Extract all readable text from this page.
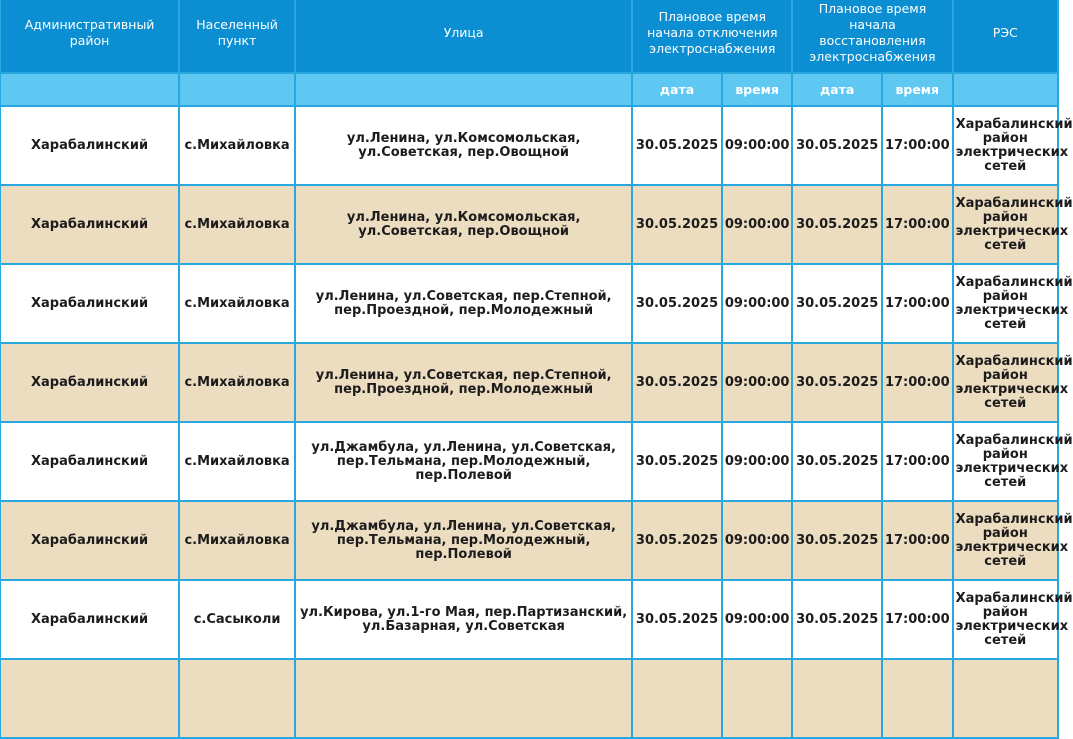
Административный район	Населенный пункт	Улица	Плановое время начала отключения электроснабжения		Плановое время начала восстановления электроснабжения		РЭС
			дата	время	дата	время	
Харабалинский	с.Михайловка	ул.Ленина, ул.Комсомольская, ул.Советская, пер.Овощной	30.05.2025	09:00:00	30.05.2025	17:00:00	Харабалинский район электрических сетей
Харабалинский	с.Михайловка	ул.Ленина, ул.Комсомольская, ул.Советская, пер.Овощной	30.05.2025	09:00:00	30.05.2025	17:00:00	Харабалинский район электрических сетей
Харабалинский	с.Михайловка	ул.Ленина, ул.Советская, пер.Степной, пер.Проездной, пер.Молодежный	30.05.2025	09:00:00	30.05.2025	17:00:00	Харабалинский район электрических сетей
Харабалинский	с.Михайловка	ул.Ленина, ул.Советская, пер.Степной, пер.Проездной, пер.Молодежный	30.05.2025	09:00:00	30.05.2025	17:00:00	Харабалинский район электрических сетей
Харабалинский	с.Михайловка	ул.Джамбула, ул.Ленина, ул.Советская, пер.Тельмана, пер.Молодежный, пер.Полевой	30.05.2025	09:00:00	30.05.2025	17:00:00	Харабалинский район электрических сетей
Харабалинский	с.Михайловка	ул.Джамбула, ул.Ленина, ул.Советская, пер.Тельмана, пер.Молодежный, пер.Полевой	30.05.2025	09:00:00	30.05.2025	17:00:00	Харабалинский район электрических сетей
Харабалинский	с.Сасыколи	ул.Кирова, ул.1-го Мая, пер.Партизанский, ул.Базарная, ул.Советская	30.05.2025	09:00:00	30.05.2025	17:00:00	Харабалинский район электрических сетей
